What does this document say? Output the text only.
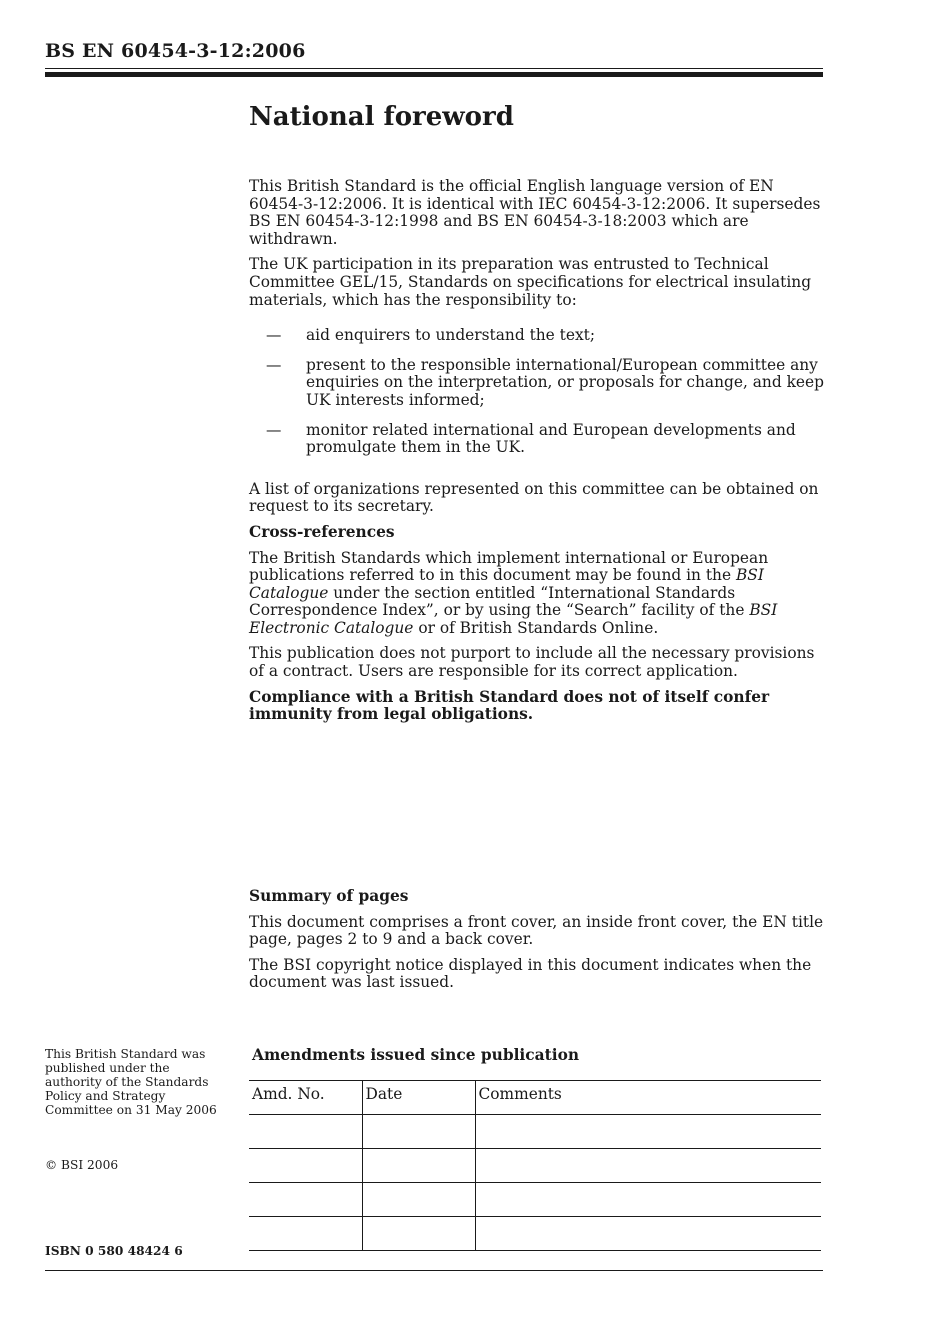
BS EN 60454-3-12:2006
National foreword

This British Standard is the official English language version of EN 60454-3-12:2006. It is identical with IEC 60454-3-12:2006. It supersedes BS EN 60454-3-12:1998 and BS EN 60454-3-18:2003 which are withdrawn.

The UK participation in its preparation was entrusted to Technical Committee GEL/15, Standards on specifications for electrical insulating materials, which has the responsibility to:

—	aid enquirers to understand the text;
—	present to the responsible international/European committee any enquiries on the interpretation, or proposals for change, and keep UK interests informed;
—	monitor related international and European developments and promulgate them in the UK.

A list of organizations represented on this committee can be obtained on request to its secretary.

Cross-references

The British Standards which implement international or European publications referred to in this document may be found in the BSI Catalogue under the section entitled “International Standards Correspondence Index”, or by using the “Search” facility of the BSI Electronic Catalogue or of British Standards Online.

This publication does not purport to include all the necessary provisions of a contract. Users are responsible for its correct application.

Compliance with a British Standard does not of itself confer immunity from legal obligations.

Summary of pages

This document comprises a front cover, an inside front cover, the EN title page, pages 2 to 9 and a back cover.

The BSI copyright notice displayed in this document indicates when the document was last issued.

This British Standard was published under the authority of the Standards Policy and Strategy Committee on 31 May 2006
© BSI 2006
ISBN 0 580 48424 6
Amendments issued since publication
Amd. No.	Date	Comments
